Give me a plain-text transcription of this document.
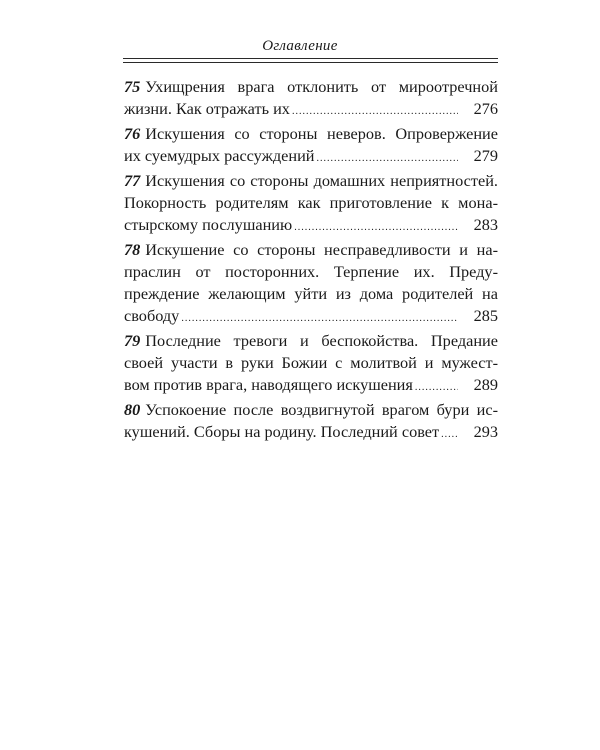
Оглавление
75 Ухищрения врага отклонить от мироотречной
жизни. Как отражать их .....	276
76 Искушения со стороны неверов. Опровержение
их суемудрых рассуждений .....	279
77 Искушения со стороны домашних неприятностей.
Покорность родителям как приготовление к мона-
стырскому послушанию .....	283
78 Искушение со стороны несправедливости и на-
праслин от посторонних. Терпение их. Преду-
преждение желающим уйти из дома родителей на
свободу .....	285
79 Последние тревоги и беспокойства. Предание
своей участи в руки Божии с молитвой и мужест-
вом против врага, наводящего искушения .....	289
80 Успокоение после воздвигнутой врагом бури ис-
кушений. Сборы на родину. Последний совет .....	293
